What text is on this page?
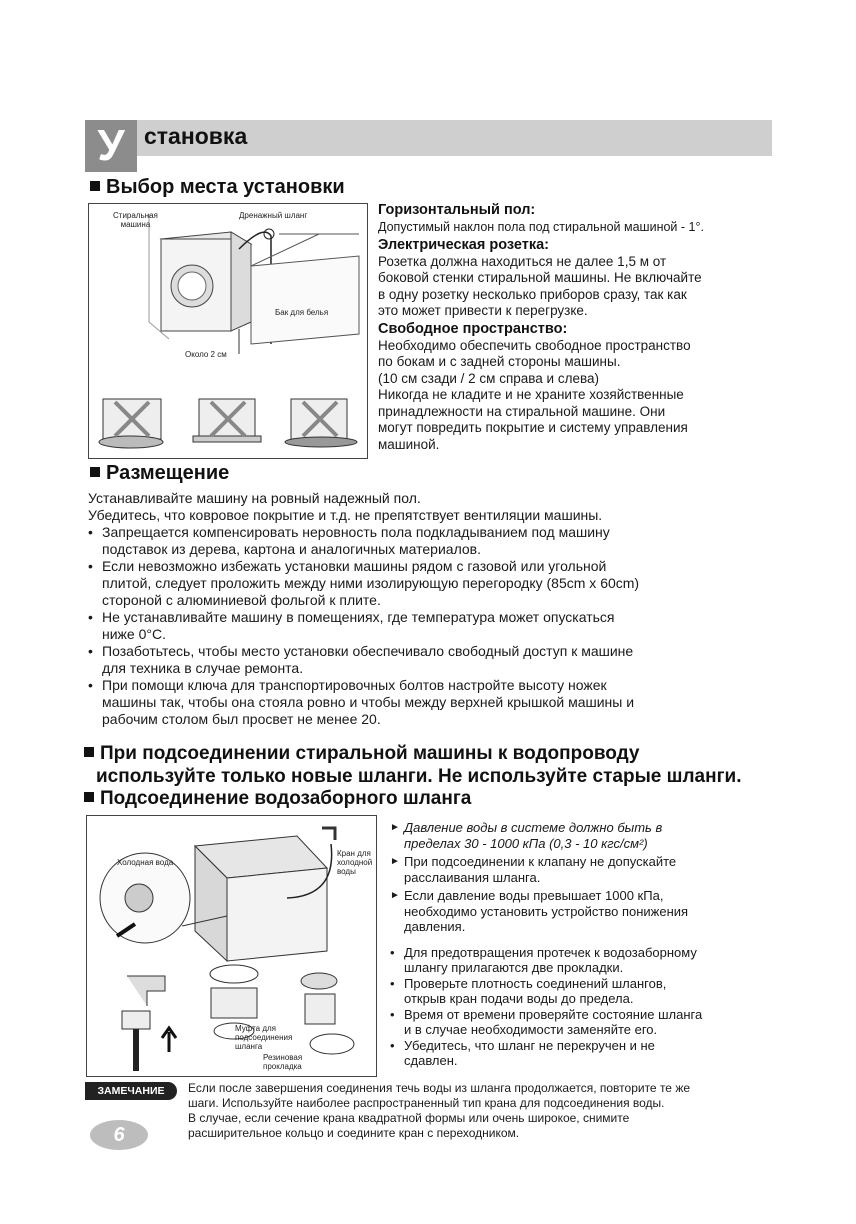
У становка
Выбор места установки
Стиральная
машина
Дренажный шланг
Бак для белья
Около 2 см
Горизонтальный пол:
Допустимый наклон пола под стиральной машиной - 1°.
Электрическая розетка:
Розетка должна находиться не далее 1,5 м от
боковой стенки стиральной машины. Не включайте
в одну розетку несколько приборов сразу, так как
это может привести к перегрузке.
Свободное пространство:
Необходимо обеспечить свободное пространство
по бокам и с задней стороны машины.
(10 см сзади / 2 см справа и слева)
Никогда не кладите и не храните хозяйственные
принадлежности на стиральной машине. Они
могут повредить покрытие и систему управления
машиной.
Размещение
Устанавливайте машину на ровный надежный пол.
Убедитесь, что ковровое покрытие и т.д. не препятствует вентиляции машины.
• Запрещается компенсировать неровность пола подкладыванием под машину
подставок из дерева, картона и аналогичных материалов.
• Если невозможно избежать установки машины рядом с газовой или угольной
плитой, следует проложить между ними изолирующую перегородку (85cm x 60cm)
стороной с алюминиевой фольгой к плите.
• Не устанавливайте машину в помещениях, где температура может опускаться
ниже 0°С.
• Позаботьтесь, чтобы место установки обеспечивало свободный доступ к машине
для техника в случае ремонта.
• При помощи ключа для транспортировочных болтов настройте высоту ножек
машины так, чтобы она стояла ровно и чтобы между верхней крышкой машины и
рабочим столом был просвет не менее 20.
При подсоединении стиральной машины к водопроводу
используйте только новые шланги. Не используйте старые шланги.
Подсоединение водозаборного шланга
Холодная вода
Кран для
холодной
воды
Муфта для
подсоединения
шланга
Резиновая
прокладка
► Давление воды в системе должно быть в
пределах 30 - 1000 кПа (0,3 - 10 кгс/см²)
► При подсоединении к клапану не допускайте
расслаивания шланга.
► Если давление воды превышает 1000 кПа,
необходимо установить устройство понижения
давления.
• Для предотвращения протечек к водозаборному
шлангу прилагаются две прокладки.
• Проверьте плотность соединений шлангов,
открыв кран подачи воды до предела.
• Время от времени проверяйте состояние шланга
и в случае необходимости заменяйте его.
• Убедитесь, что шланг не перекручен и не
сдавлен.
ЗАМЕЧАНИЕ	Если после завершения соединения течь воды из шланга продолжается, повторите те же
шаги. Используйте наиболее распространенный тип крана для подсоединения воды.
В случае, если сечение крана квадратной формы или очень широкое, снимите
расширительное кольцо и соедините кран с переходником.
6
